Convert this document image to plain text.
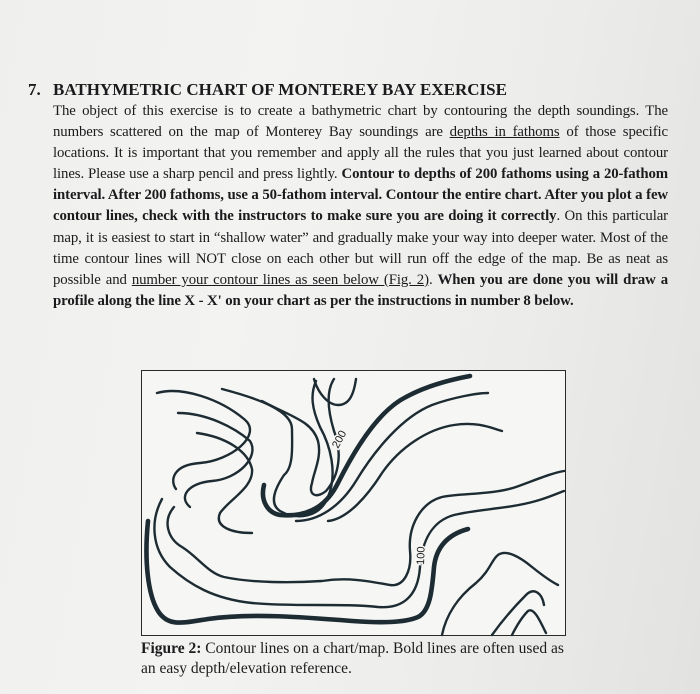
7. BATHYMETRIC CHART OF MONTEREY BAY EXERCISE

The object of this exercise is to create a bathymetric chart by contouring the depth soundings. The numbers scattered on the map of Monterey Bay soundings are depths in fathoms of those specific locations. It is important that you remember and apply all the rules that you just learned about contour lines. Please use a sharp pencil and press lightly. Contour to depths of 200 fathoms using a 20-fathom interval. After 200 fathoms, use a 50-fathom interval. Contour the entire chart. After you plot a few contour lines, check with the instructors to make sure you are doing it correctly. On this particular map, it is easiest to start in “shallow water” and gradually make your way into deeper water. Most of the time contour lines will NOT close on each other but will run off the edge of the map. Be as neat as possible and number your contour lines as seen below (Fig. 2). When you are done you will draw a profile along the line X - X' on your chart as per the instructions in number 8 below.

200
100
Figure 2: Contour lines on a chart/map. Bold lines are often used as an easy depth/elevation reference.
